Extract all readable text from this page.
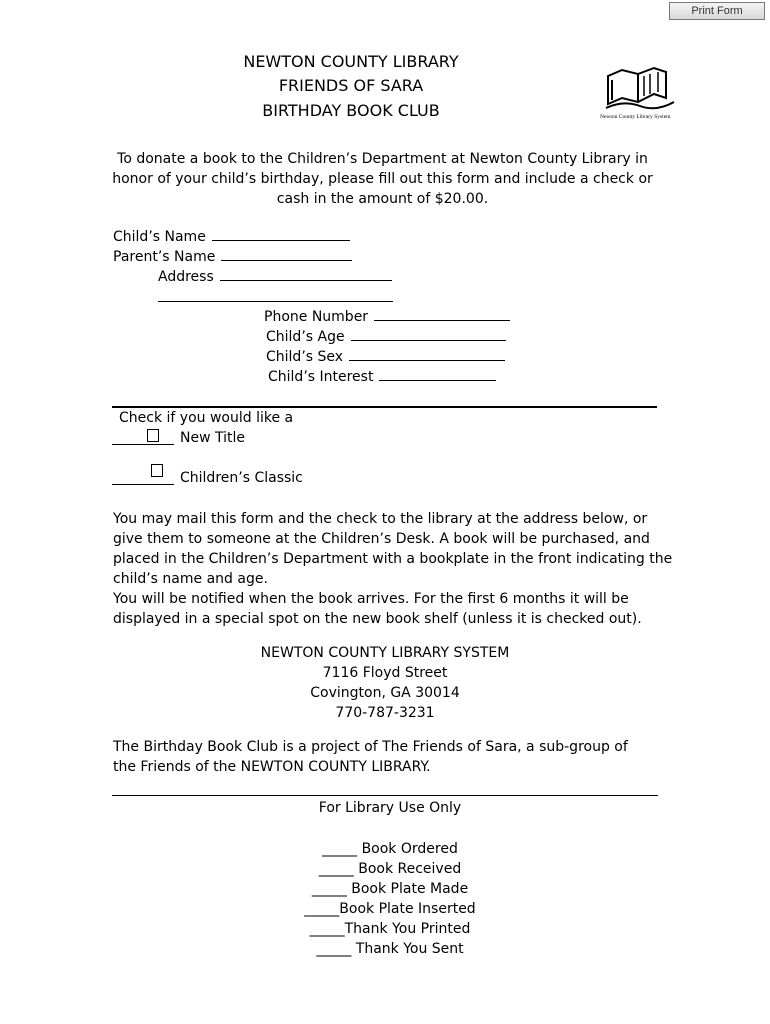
Print Form
NEWTON COUNTY LIBRARY
FRIENDS OF SARA
BIRTHDAY BOOK CLUB	Newton County Library System
To donate a book to the Children’s Department at Newton County Library in
honor of your child’s birthday, please fill out this form and include a check or
cash in the amount of $20.00.
Child’s Name
Parent’s Name
Address
Phone Number
Child’s Age
Child’s Sex
Child’s Interest
Check if you would like a
New Title
Children’s Classic
You may mail this form and the check to the library at the address below, or
give them to someone at the Children’s Desk. A book will be purchased, and
placed in the Children’s Department with a bookplate in the front indicating the
child’s name and age.
You will be notified when the book arrives. For the first 6 months it will be
displayed in a special spot on the new book shelf (unless it is checked out).
NEWTON COUNTY LIBRARY SYSTEM
7116 Floyd Street
Covington, GA 30014
770-787-3231
The Birthday Book Club is a project of The Friends of Sara, a sub-group of
the Friends of the NEWTON COUNTY LIBRARY.
For Library Use Only
_____ Book Ordered
_____ Book Received
_____ Book Plate Made
_____Book Plate Inserted
_____Thank You Printed
_____ Thank You Sent
